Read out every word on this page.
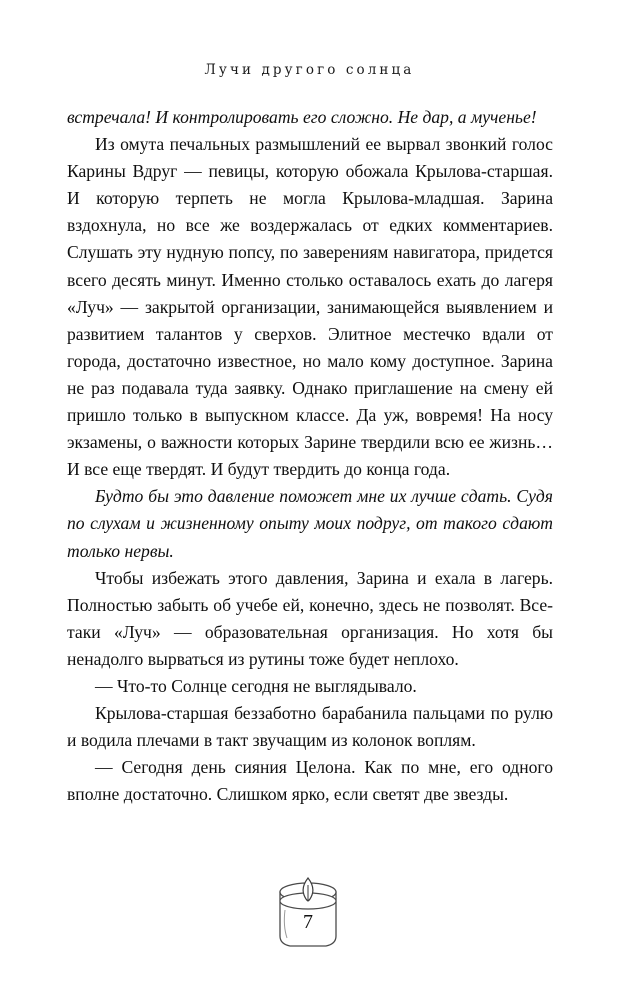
Лучи другого солнца

встречала! И контролировать его сложно. Не дар, а мученье!

Из омута печальных размышлений ее вырвал звонкий голос Карины Вдруг — певицы, которую обожала Крылова-старшая. И которую терпеть не могла Крылова-младшая. Зарина вздохнула, но все же воздержалась от едких комментариев. Слушать эту нудную попсу, по заверениям навигатора, придется всего десять минут. Именно столько оставалось ехать до лагеря «Луч» — закрытой организации, занимающейся выявлением и развитием талантов у сверхов. Элитное местечко вдали от города, достаточно известное, но мало кому доступное. Зарина не раз подавала туда заявку. Однако приглашение на смену ей пришло только в выпускном классе. Да уж, вовремя! На носу экзамены, о важности которых Зарине твердили всю ее жизнь… И все еще твердят. И будут твердить до конца года.

Будто бы это давление поможет мне их лучше сдать. Судя по слухам и жизненному опыту моих подруг, от такого сдают только нервы.

Чтобы избежать этого давления, Зарина и ехала в лагерь. Полностью забыть об учебе ей, конечно, здесь не позволят. Все-таки «Луч» — образовательная организация. Но хотя бы ненадолго вырваться из рутины тоже будет неплохо.

— Что-то Солнце сегодня не выглядывало.

Крылова-старшая беззаботно барабанила пальцами по рулю и водила плечами в такт звучащим из колонок воплям.

— Сегодня день сияния Целона. Как по мне, его одного вполне достаточно. Слишком ярко, если светят две звезды.

7
